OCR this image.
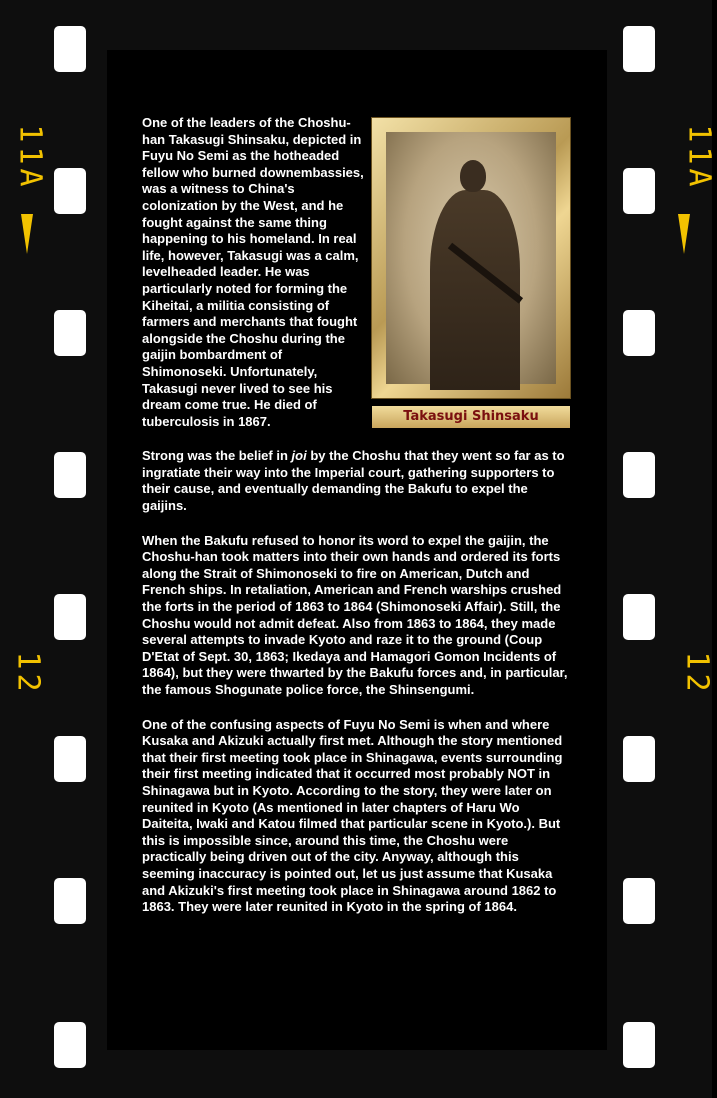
11A	11A
12	12
Takasugi Shinsaku

One of the leaders of the Choshu-han Takasugi Shinsaku, depicted in Fuyu No Semi as the hotheaded fellow who burned downembassies, was a witness to China's colonization by the West, and he fought against the same thing happening to his homeland. In real life, however, Takasugi was a calm, levelheaded leader. He was particularly noted for forming the Kiheitai, a militia consisting of farmers and merchants that fought alongside the Choshu during the gaijin bombardment of Shimonoseki. Unfortunately, Takasugi never lived to see his dream come true. He died of tuberculosis in 1867.

Strong was the belief in joi by the Choshu that they went so far as to ingratiate their way into the Imperial court, gathering supporters to their cause, and eventually demanding the Bakufu to expel the gaijins.

When the Bakufu refused to honor its word to expel the gaijin, the Choshu-han took matters into their own hands and ordered its forts along the Strait of Shimonoseki to fire on American, Dutch and French ships. In retaliation, American and French warships crushed the forts in the period of 1863 to 1864 (Shimonoseki Affair). Still, the Choshu would not admit defeat. Also from 1863 to 1864, they made several attempts to invade Kyoto and raze it to the ground (Coup D'Etat of Sept. 30, 1863; Ikedaya and Hamagori Gomon Incidents of 1864), but they were thwarted by the Bakufu forces and, in particular, the famous Shogunate police force, the Shinsengumi.

One of the confusing aspects of Fuyu No Semi is when and where Kusaka and Akizuki actually first met. Although the story mentioned that their first meeting took place in Shinagawa, events surrounding their first meeting indicated that it occurred most probably NOT in Shinagawa but in Kyoto. According to the story, they were later on reunited in Kyoto (As mentioned in later chapters of Haru Wo Daiteita, Iwaki and Katou filmed that particular scene in Kyoto.). But this is impossible since, around this time, the Choshu were practically being driven out of the city. Anyway, although this seeming inaccuracy is pointed out, let us just assume that Kusaka and Akizuki's first meeting took place in Shinagawa around 1862 to 1863. They were later reunited in Kyoto in the spring of 1864.
